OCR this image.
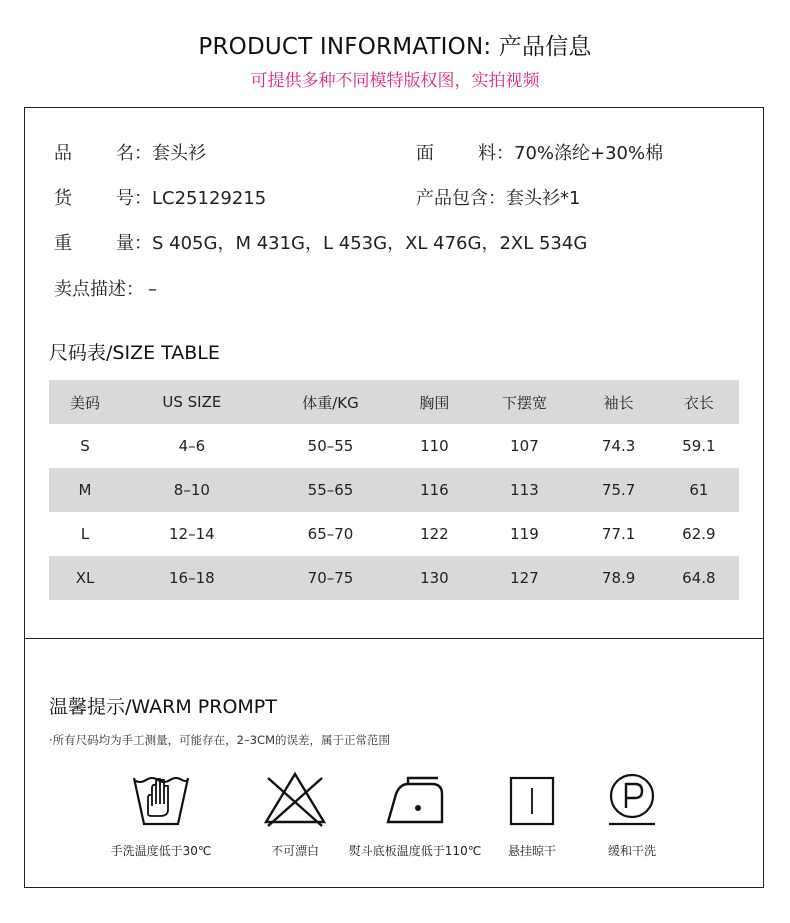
PRODUCT INFORMATION: 产品信息
可提供多种不同模特版权图，实拍视频
品 名：套头衫	面 料：70%涤纶+30%棉
货 号：LC25129215	产品包含：套头衫*1
重 量：S 405G，M 431G，L 453G，XL 476G，2XL 534G
卖点描述： –
尺码表/SIZE TABLE
美码	US SIZE	体重/KG	胸围	下摆宽	袖长	衣长
S	4–6	50–55	110	107	74.3	59.1
M	8–10	55–65	116	113	75.7	61
L	12–14	65–70	122	119	77.1	62.9
XL	16–18	70–75	130	127	78.9	64.8
温馨提示/WARM PROMPT
·所有尺码均为手工测量，可能存在，2–3CM的误差，属于正常范围
手洗温度低于30℃	不可漂白	熨斗底板温度低于110℃	悬挂晾干	缓和干洗
